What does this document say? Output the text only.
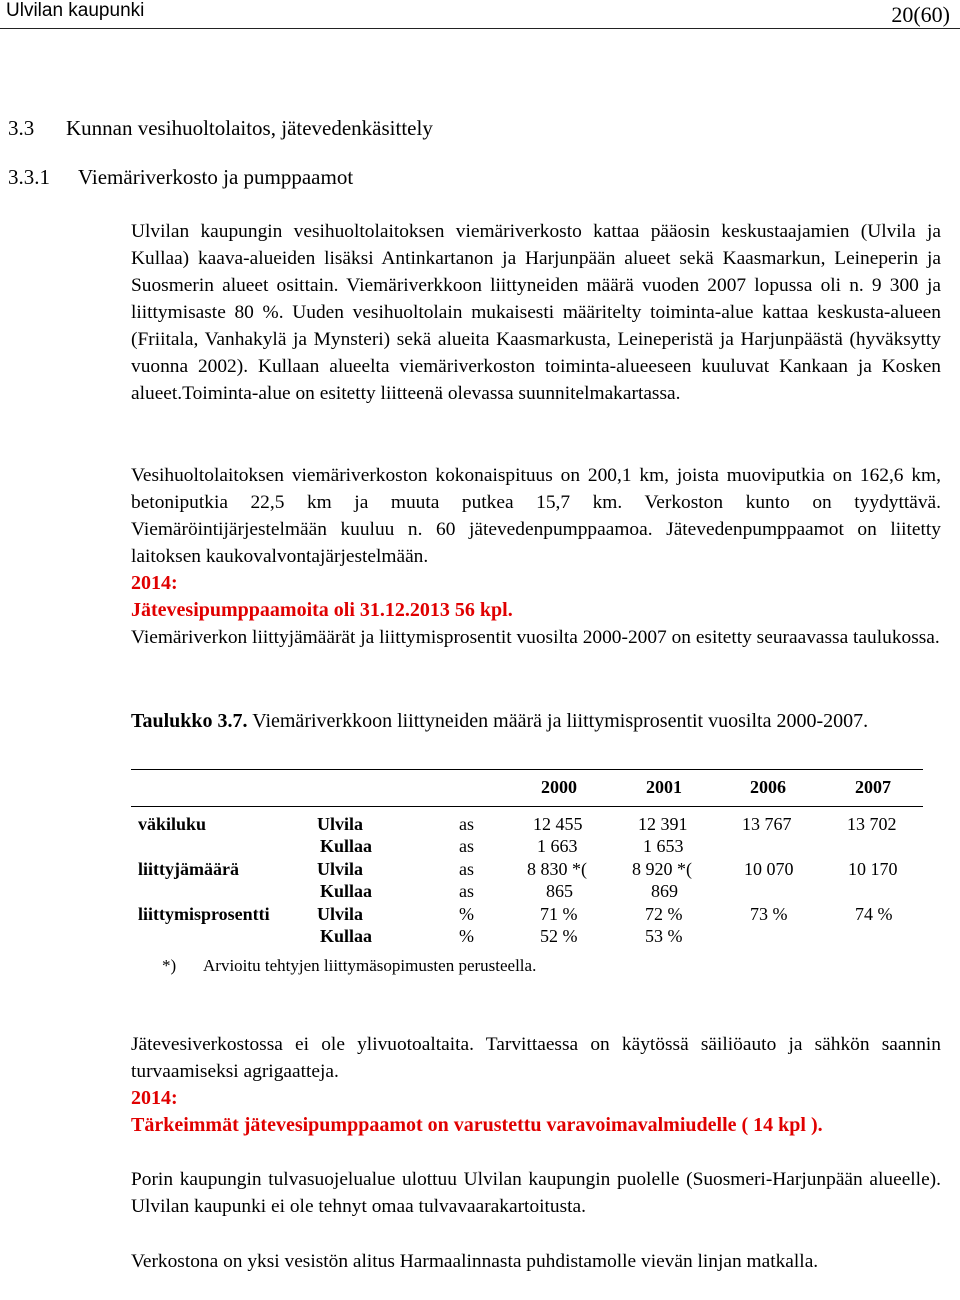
Ulvilan kaupunki	20(60)
3.3 Kunnan vesihuoltolaitos, jätevedenkäsittely
3.3.1 Viemäriverkosto ja pumppaamot
Ulvilan kaupungin vesihuoltolaitoksen viemäriverkosto kattaa pääosin keskustaajamien (Ulvila ja Kullaa) kaava-alueiden lisäksi Antinkartanon ja Harjunpään alueet sekä Kaasmarkun, Leineperin ja Suosmerin alueet osittain. Viemäriverkkoon liittyneiden määrä vuoden 2007 lopussa oli n. 9 300 ja liittymisaste 80 %. Uuden vesihuoltolain mukaisesti määritelty toiminta-alue kattaa keskusta-alueen (Friitala, Vanhakylä ja Mynsteri) sekä alueita Kaasmarkusta, Leineperistä ja Harjunpäästä (hyväksytty vuonna 2002). Kullaan alueelta viemäriverkoston toiminta-alueeseen kuuluvat Kankaan ja Kosken alueet.Toiminta-alue on esitetty liitteenä olevassa suunnitelmakartassa.
Vesihuoltolaitoksen viemäriverkoston kokonaispituus on 200,1 km, joista muoviputkia on 162,6 km, betoniputkia 22,5 km ja muuta putkea 15,7 km. Verkoston kunto on tyydyttävä. Viemäröintijärjestelmään kuuluu n. 60 jätevedenpumppaamoa. Jätevedenpumppaamot on liitetty laitoksen kaukovalvontajärjestelmään.
2014:
Jätevesipumppaamoita oli 31.12.2013 56 kpl.
Viemäriverkon liittyjämäärät ja liittymisprosentit vuosilta 2000-2007 on esitetty seuraavassa taulukossa.
Taulukko 3.7. Viemäriverkkoon liittyneiden määrä ja liittymisprosentit vuosilta 2000-2007.
2000	2001	2006	2007
väkiluku	Ulvila	as	12 455	12 391	13 767	13 702
Kullaa	as	1 663	1 653
liittyjämäärä	Ulvila	as	8 830 *(	8 920 *(	10 070	10 170
Kullaa	as	865	869
liittymisprosentti	Ulvila	%	71 %	72 %	73 %	74 %
Kullaa	%	52 %	53 %
*) Arvioitu tehtyjen liittymäsopimusten perusteella.
Jätevesiverkostossa ei ole ylivuotoaltaita. Tarvittaessa on käytössä säiliöauto ja sähkön saannin turvaamiseksi agrigaatteja.
2014:
Tärkeimmät jätevesipumppaamot on varustettu varavoimavalmiudelle ( 14 kpl ).
Porin kaupungin tulvasuojelualue ulottuu Ulvilan kaupungin puolelle (Suosmeri-Harjunpään alueelle). Ulvilan kaupunki ei ole tehnyt omaa tulvavaarakartoitusta.
Verkostona on yksi vesistön alitus Harmaalinnasta puhdistamolle vievän linjan matkalla.
